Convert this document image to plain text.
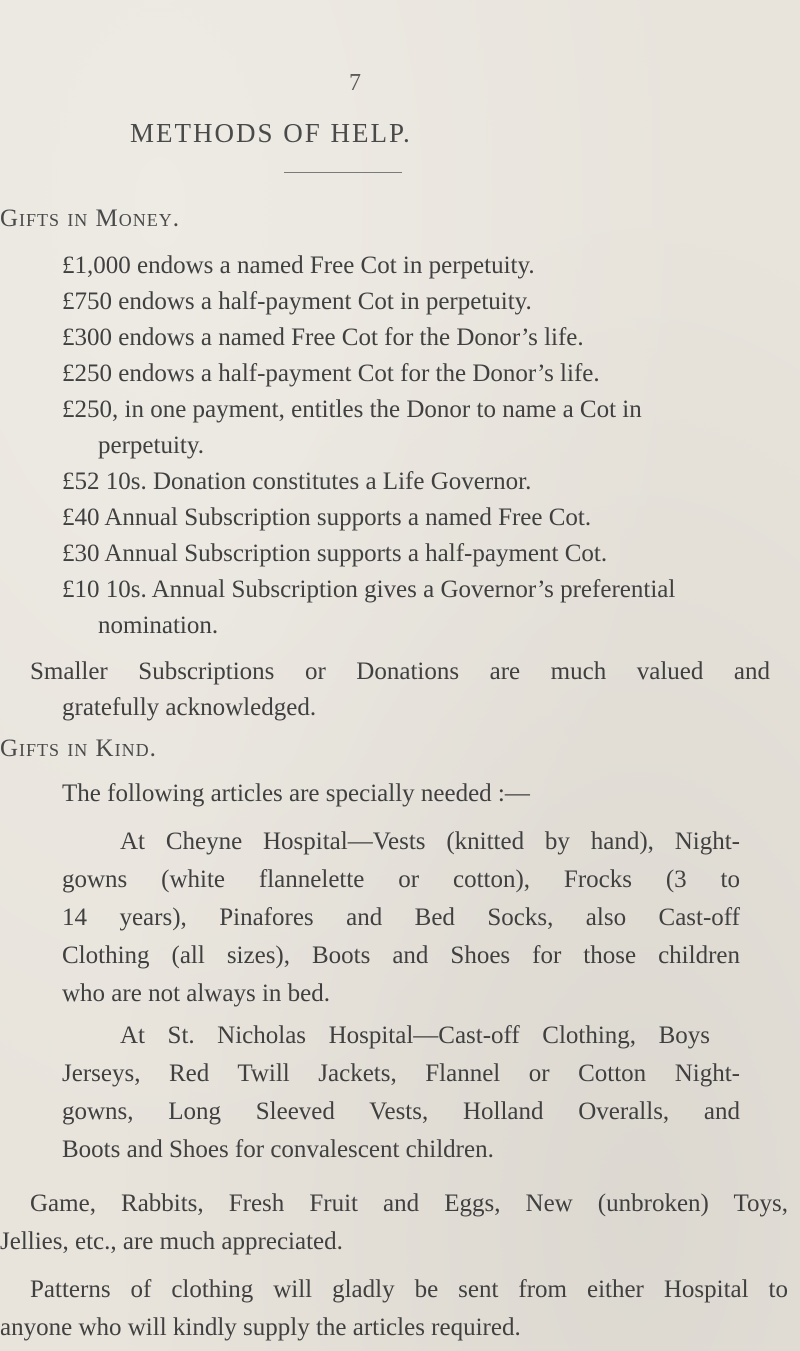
7
METHODS OF HELP.
Gifts in Money.
£1,000 endows a named Free Cot in perpetuity.
£750 endows a half-payment Cot in perpetuity.
£300 endows a named Free Cot for the Donor’s life.
£250 endows a half-payment Cot for the Donor’s life.
£250, in one payment, entitles the Donor to name a Cot in
perpetuity.
£52 10s. Donation constitutes a Life Governor.
£40 Annual Subscription supports a named Free Cot.
£30 Annual Subscription supports a half-payment Cot.
£10 10s. Annual Subscription gives a Governor’s preferential
nomination.
Smaller Subscriptions or Donations are much valued and
gratefully acknowledged.
Gifts in Kind.
The following articles are specially needed :—
At Cheyne Hospital—Vests (knitted by hand), Night-
gowns (white flannelette or cotton), Frocks (3 to
14 years), Pinafores and Bed Socks, also Cast-off
Clothing (all sizes), Boots and Shoes for those children
who are not always in bed.
At St. Nicholas Hospital—Cast-off Clothing, Boys
Jerseys, Red Twill Jackets, Flannel or Cotton Night-
gowns, Long Sleeved Vests, Holland Overalls, and
Boots and Shoes for convalescent children.
Game, Rabbits, Fresh Fruit and Eggs, New (unbroken) Toys,
Jellies, etc., are much appreciated.
Patterns of clothing will gladly be sent from either Hospital to
anyone who will kindly supply the articles required.
